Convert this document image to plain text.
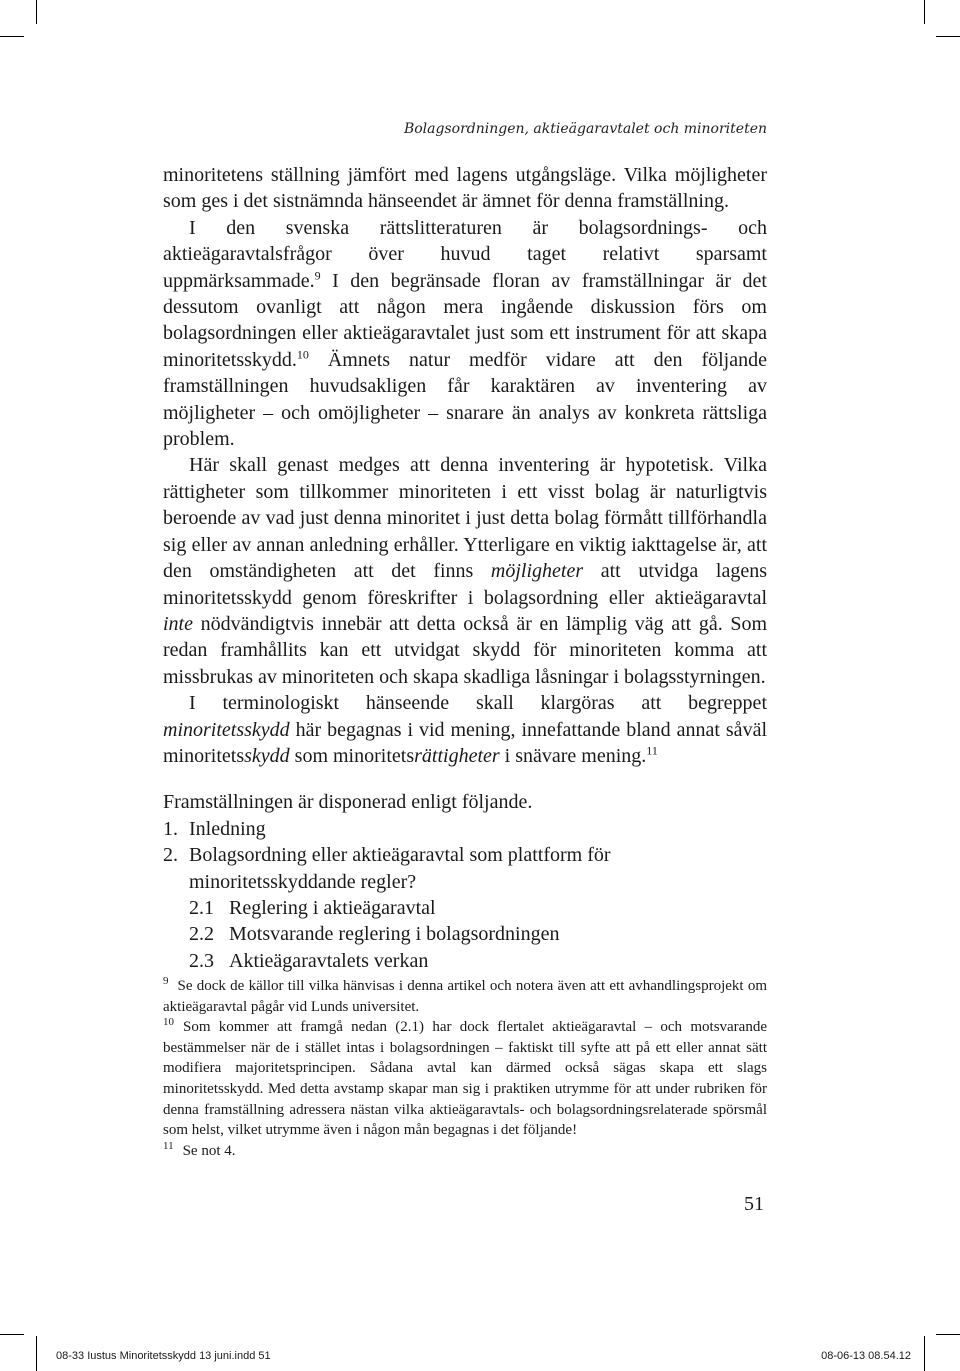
Bolagsordningen, aktieägaravtalet och minoriteten

minoritetens ställning jämfört med lagens utgångsläge. Vilka möjligheter som ges i det sistnämnda hänseendet är ämnet för denna framställning.

I den svenska rättslitteraturen är bolagsordnings- och aktieägaravtalsfrågor över huvud taget relativt sparsamt uppmärksammade.$^9$ I den begränsade floran av framställningar är det dessutom ovanligt att någon mera ingående diskussion förs om bolagsordningen eller aktieägaravtalet just som ett instrument för att skapa minoritetsskydd.$^{10}$ Ämnets natur medför vidare att den följande framställningen huvudsakligen får karaktären av inventering av möjligheter – och omöjligheter – snarare än analys av konkreta rättsliga problem.

Här skall genast medges att denna inventering är hypotetisk. Vilka rättigheter som tillkommer minoriteten i ett visst bolag är naturligtvis beroende av vad just denna minoritet i just detta bolag förmått tillförhandla sig eller av annan anledning erhåller. Ytterligare en viktig iakttagelse är, att den omständigheten att det finns möjligheter att utvidga lagens minoritetsskydd genom föreskrifter i bolagsordning eller aktieägaravtal inte nödvändigtvis innebär att detta också är en lämplig väg att gå. Som redan framhållits kan ett utvidgat skydd för minoriteten komma att missbrukas av minoriteten och skapa skadliga låsningar i bolagsstyrningen.

I terminologiskt hänseende skall klargöras att begreppet minoritetsskydd här begagnas i vid mening, innefattande bland annat såväl minoritetsskydd som minoritetsrättigheter i snävare mening.$^{11}$

Framställningen är disponerad enligt följande.

1. Inledning
2. Bolagsordning eller aktieägaravtal som plattform för minoritetsskyddande regler?
2.1 Reglering i aktieägaravtal
2.2 Motsvarande reglering i bolagsordningen
2.3 Aktieägaravtalets verkan

$^9$ Se dock de källor till vilka hänvisas i denna artikel och notera även att ett avhandlingsprojekt om aktieägaravtal pågår vid Lunds universitet.

$^{10}$ Som kommer att framgå nedan (2.1) har dock flertalet aktieägaravtal – och motsvarande bestämmelser när de i stället intas i bolagsordningen – faktiskt till syfte att på ett eller annat sätt modifiera majoritetsprincipen. Sådana avtal kan därmed också sägas skapa ett slags minoritetsskydd. Med detta avstamp skapar man sig i praktiken utrymme för att under rubriken för denna framställning adressera nästan vilka aktieägaravtals- och bolagsordningsrelaterade spörsmål som helst, vilket utrymme även i någon mån begagnas i det följande!

$^{11}$ Se not 4.

51
08-33 Iustus Minoritetsskydd 13 juni.indd 51	08-06-13 08.54.12
